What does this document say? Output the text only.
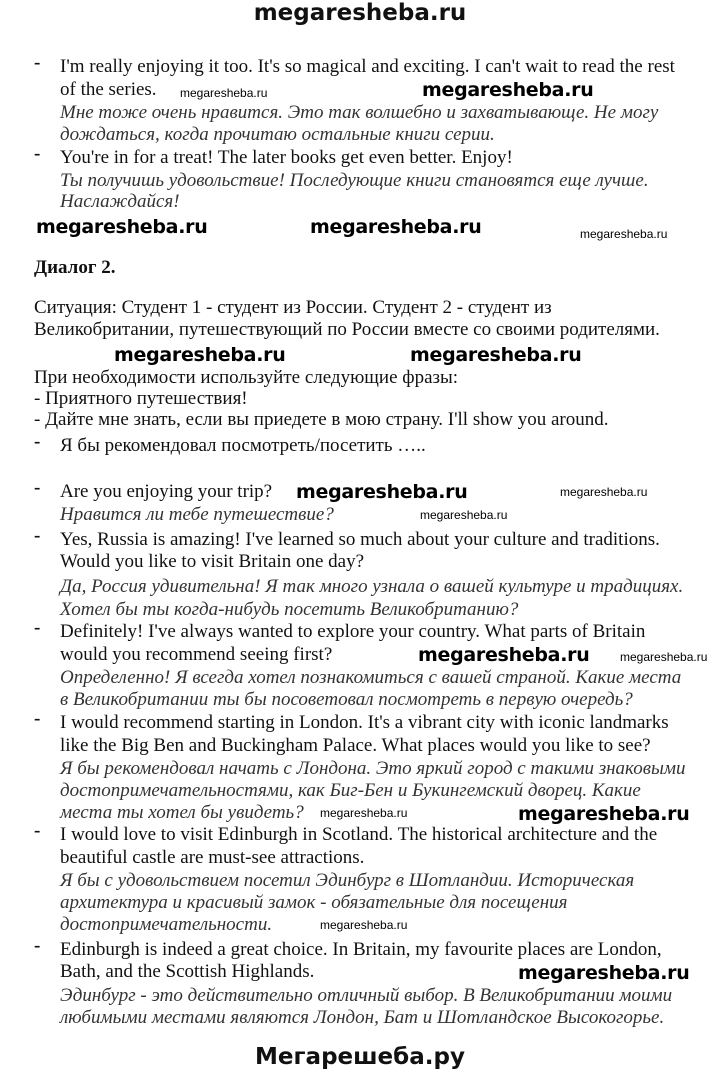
megaresheba.ru
- I'm really enjoying it too. It's so magical and exciting. I can't wait to read the rest
of the series.
Мне тоже очень нравится. Это так волшебно и захватывающе. Не могу
дождаться, когда прочитаю остальные книги серии.
- You're in for a treat! The later books get even better. Enjoy!
Ты получишь удовольствие! Последующие книги становятся еще лучше.
Наслаждайся!
Диалог 2.
Ситуация: Студент 1 - студент из России. Студент 2 - студент из
Великобритании, путешествующий по России вместе со своими родителями.
При необходимости используйте следующие фразы:
- Приятного путешествия!
- Дайте мне знать, если вы приедете в мою страну. I'll show you around.
- Я бы рекомендовал посмотреть/посетить …..
- Are you enjoying your trip?
Нравится ли тебе путешествие?
- Yes, Russia is amazing! I've learned so much about your culture and traditions.
Would you like to visit Britain one day?
Да, Россия удивительна! Я так много узнала о вашей культуре и традициях.
Хотел бы ты когда-нибудь посетить Великобританию?
- Definitely! I've always wanted to explore your country. What parts of Britain
would you recommend seeing first?
Определенно! Я всегда хотел познакомиться с вашей страной. Какие места
в Великобритании ты бы посоветовал посмотреть в первую очередь?
- I would recommend starting in London. It's a vibrant city with iconic landmarks
like the Big Ben and Buckingham Palace. What places would you like to see?
Я бы рекомендовал начать с Лондона. Это яркий город с такими знаковыми
достопримечательностями, как Биг-Бен и Букингемский дворец. Какие
места ты хотел бы увидеть?
- I would love to visit Edinburgh in Scotland. The historical architecture and the
beautiful castle are must-see attractions.
Я бы с удовольствием посетил Эдинбург в Шотландии. Историческая
архитектура и красивый замок - обязательные для посещения
достопримечательности.
- Edinburgh is indeed a great choice. In Britain, my favourite places are London,
Bath, and the Scottish Highlands.
Эдинбург - это действительно отличный выбор. В Великобритании моими
любимыми местами являются Лондон, Бат и Шотландское Высокогорье.
megaresheba.ru	megaresheba.ru
megaresheba.ru	megaresheba.ru	megaresheba.ru
megaresheba.ru	megaresheba.ru
megaresheba.ru	megaresheba.ru
megaresheba.ru
megaresheba.ru	megaresheba.ru
megaresheba.ru	megaresheba.ru
megaresheba.ru
megaresheba.ru
Мегарешеба.ру
